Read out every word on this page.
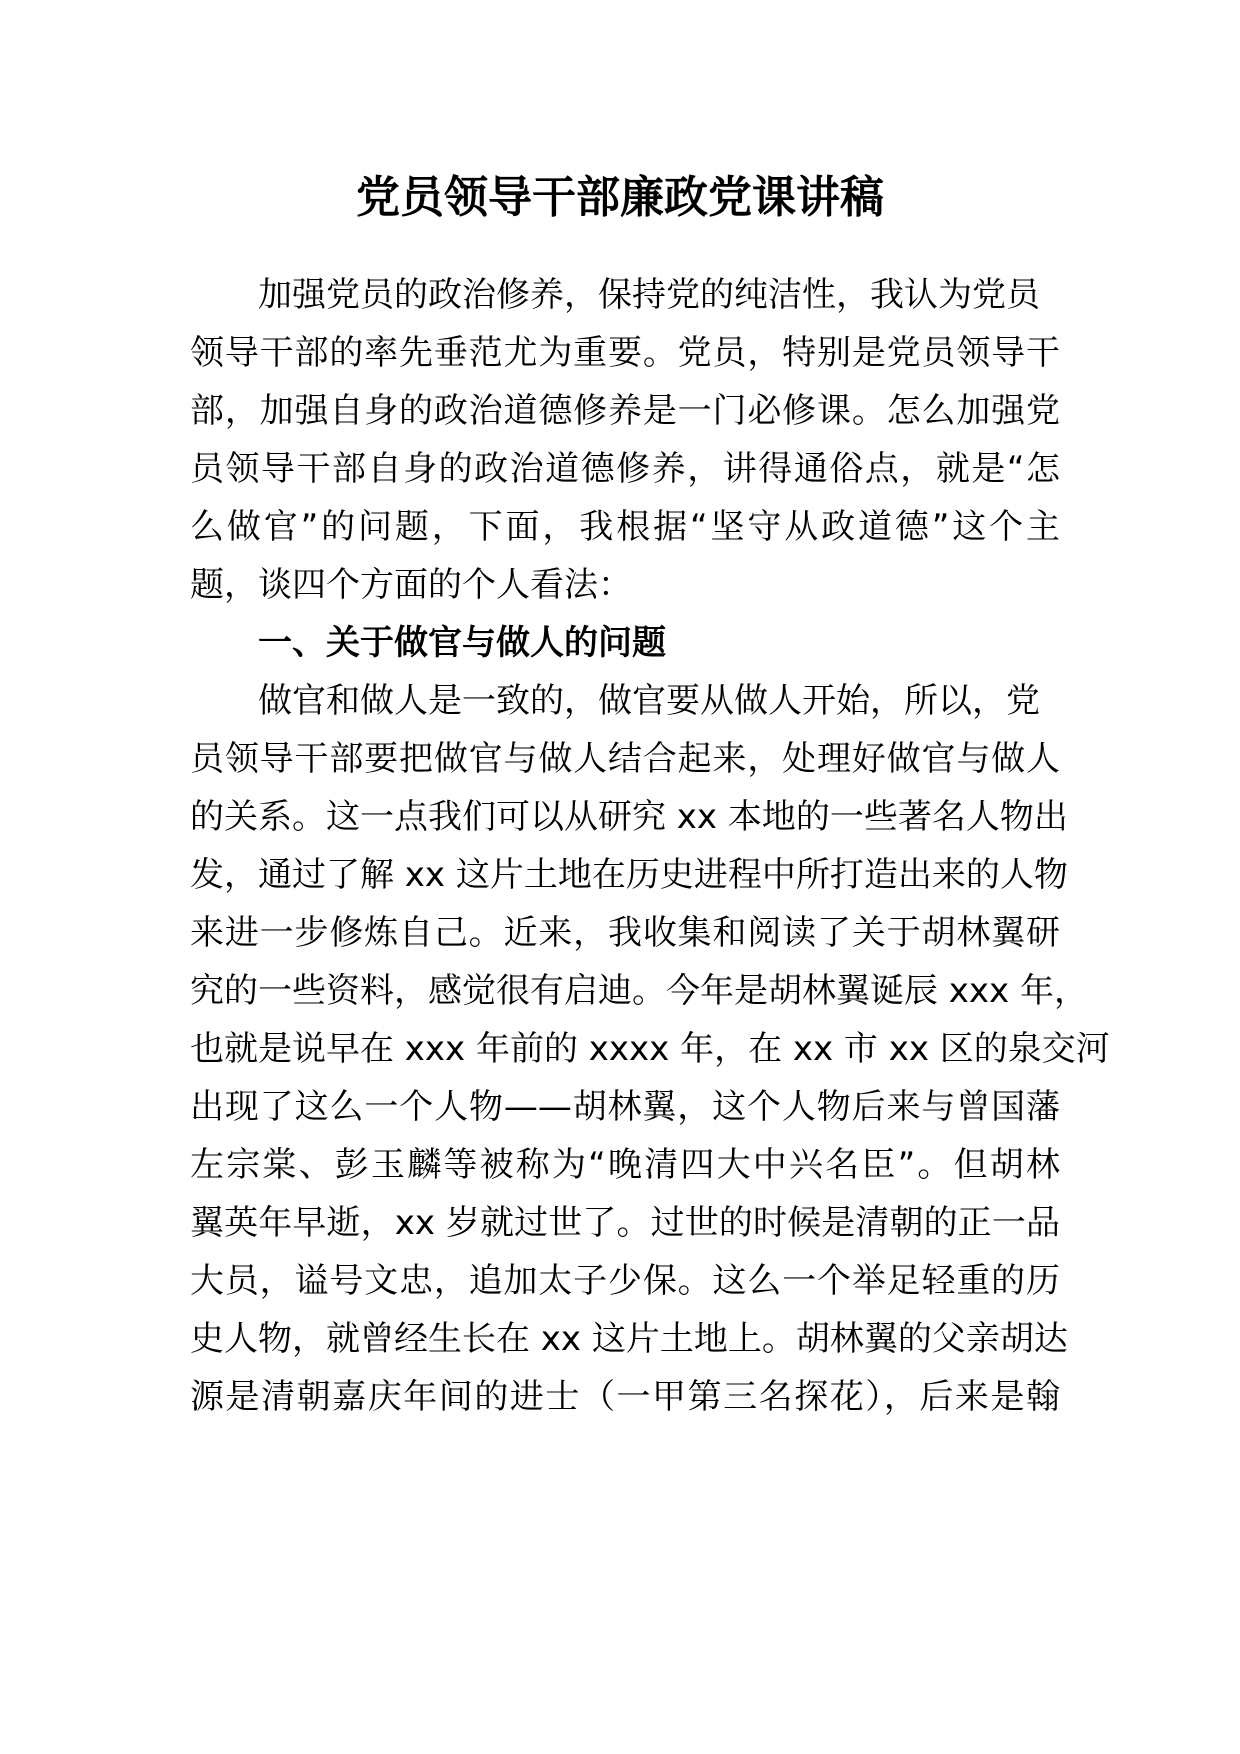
党员领导干部廉政党课讲稿

加强党员的政治修养，保持党的纯洁性，我认为党员

领导干部的率先垂范尤为重要。党员，特别是党员领导干

部，加强自身的政治道德修养是一门必修课。怎么加强党

员领导干部自身的政治道德修养，讲得通俗点，就是“怎

么做官”的问题，下面，我根据“坚守从政道德”这个主

题，谈四个方面的个人看法：

一、关于做官与做人的问题

做官和做人是一致的，做官要从做人开始，所以，党

员领导干部要把做官与做人结合起来，处理好做官与做人

的关系。这一点我们可以从研究 xx 本地的一些著名人物出

发，通过了解 xx 这片土地在历史进程中所打造出来的人物

来进一步修炼自己。近来，我收集和阅读了关于胡林翼研

究的一些资料，感觉很有启迪。今年是胡林翼诞辰 xxx 年，

也就是说早在 xxx 年前的 xxxx 年，在 xx 市 xx 区的泉交河

出现了这么一个人物——胡林翼，这个人物后来与曾国藩

左宗棠、彭玉麟等被称为“晚清四大中兴名臣”。但胡林

翼英年早逝，xx 岁就过世了。过世的时候是清朝的正一品

大员，谥号文忠，追加太子少保。这么一个举足轻重的历

史人物，就曾经生长在 xx 这片土地上。胡林翼的父亲胡达

源是清朝嘉庆年间的进士（一甲第三名探花），后来是翰
